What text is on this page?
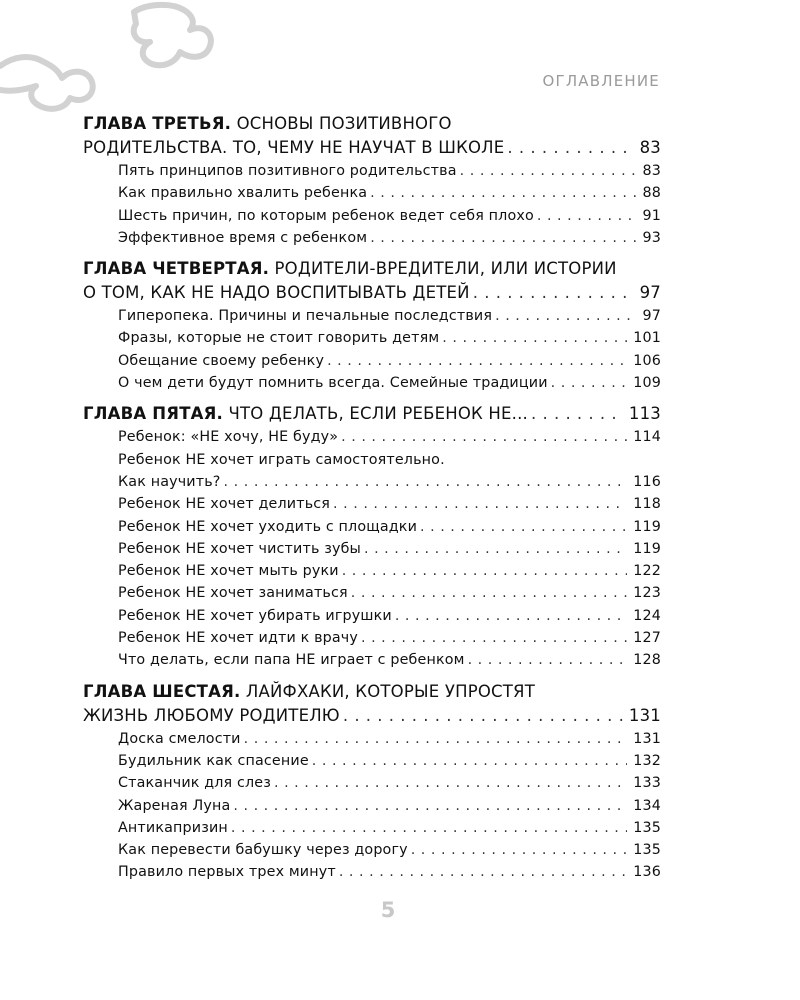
ОГЛАВЛЕНИЕ
ГЛАВА ТРЕТЬЯ. ОСНОВЫ ПОЗИТИВНОГО
РОДИТЕЛЬСТВА. ТО, ЧЕМУ НЕ НАУЧАТ В ШКОЛЕ . . .	83
Пять принципов позитивного родительства . . .	83
Как правильно хвалить ребенка . . .	88
Шесть причин, по которым ребенок ведет себя плохо . . .	91
Эффективное время с ребенком . . .	93
ГЛАВА ЧЕТВЕРТАЯ. РОДИТЕЛИ-ВРЕДИТЕЛИ, ИЛИ ИСТОРИИ
О ТОМ, КАК НЕ НАДО ВОСПИТЫВАТЬ ДЕТЕЙ . . .	97
Гиперопека. Причины и печальные последствия . . .	97
Фразы, которые не стоит говорить детям . . .	101
Обещание своему ребенку . . .	106
О чем дети будут помнить всегда. Семейные традиции . . .	109
ГЛАВА ПЯТАЯ. ЧТО ДЕЛАТЬ, ЕСЛИ РЕБЕНОК НЕ... . . .	113
Ребенок: «НЕ хочу, НЕ буду» . . .	114
Ребенок НЕ хочет играть самостоятельно.
Как научить? . . .	116
Ребенок НЕ хочет делиться . . .	118
Ребенок НЕ хочет уходить с площадки . . .	119
Ребенок НЕ хочет чистить зубы . . .	119
Ребенок НЕ хочет мыть руки . . .	122
Ребенок НЕ хочет заниматься . . .	123
Ребенок НЕ хочет убирать игрушки . . .	124
Ребенок НЕ хочет идти к врачу . . .	127
Что делать, если папа НЕ играет с ребенком . . .	128
ГЛАВА ШЕСТАЯ. ЛАЙФХАКИ, КОТОРЫЕ УПРОСТЯТ
ЖИЗНЬ ЛЮБОМУ РОДИТЕЛЮ . . .	131
Доска смелости . . .	131
Будильник как спасение . . .	132
Стаканчик для слез . . .	133
Жареная Луна . . .	134
Антикапризин . . .	135
Как перевести бабушку через дорогу . . .	135
Правило первых трех минут . . .	136
5
